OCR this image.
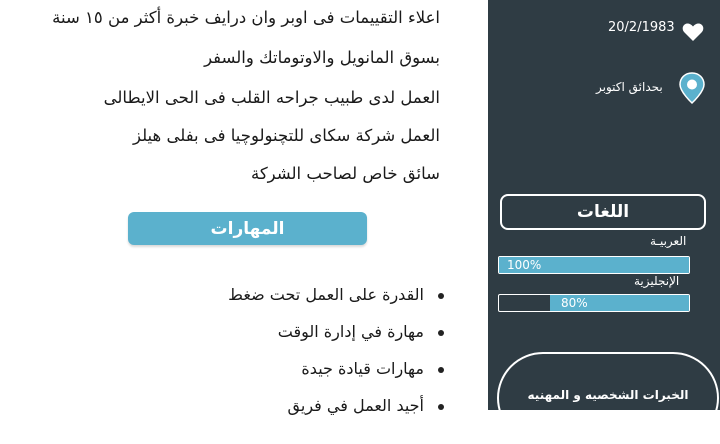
اعلاء التقييمات فى اوبر وان درايف خبرة أكثر من ١٥ سنة
بسوق المانويل والاوتوماتك والسفر
العمل لدى طبيب جراحه القلب فى الحى الايطالى
العمل شركة سكاى للتچنولوچيا فى بفلى هيلز
سائق خاص لصاحب الشركة
المهارات
القدرة على العمل تحت ضغط
مهارة في إدارة الوقت
مهارات قيادة جيدة
أجيد العمل في فريق
20/2/1983
بحدائق اكتوبر
اللغات
العربيـة
100%
الإنجليزية
80%
الخبرات الشخصيه و المهنيه
